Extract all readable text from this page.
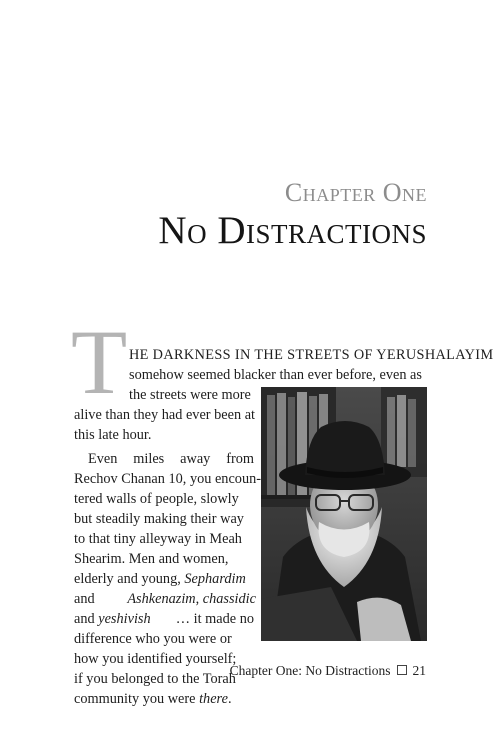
Chapter One
No Distractions
T HE DARKNESS IN THE STREETS OF YERUSHALAYIM
somehow seemed blacker than ever before, even as
the streets were more
alive than they had ever been at
this late hour.
Even miles away from
Rechov Chanan 10, you encoun-
tered walls of people, slowly
but steadily making their way
to that tiny alleyway in Meah
Shearim. Men and women,
elderly and young, Sephardim
and Ashkenazim, chassidic
and yeshivish … it made no
difference who you were or
how you identified yourself;
if you belonged to the Torah
community you were there.
Chapter One: No Distractions 21
